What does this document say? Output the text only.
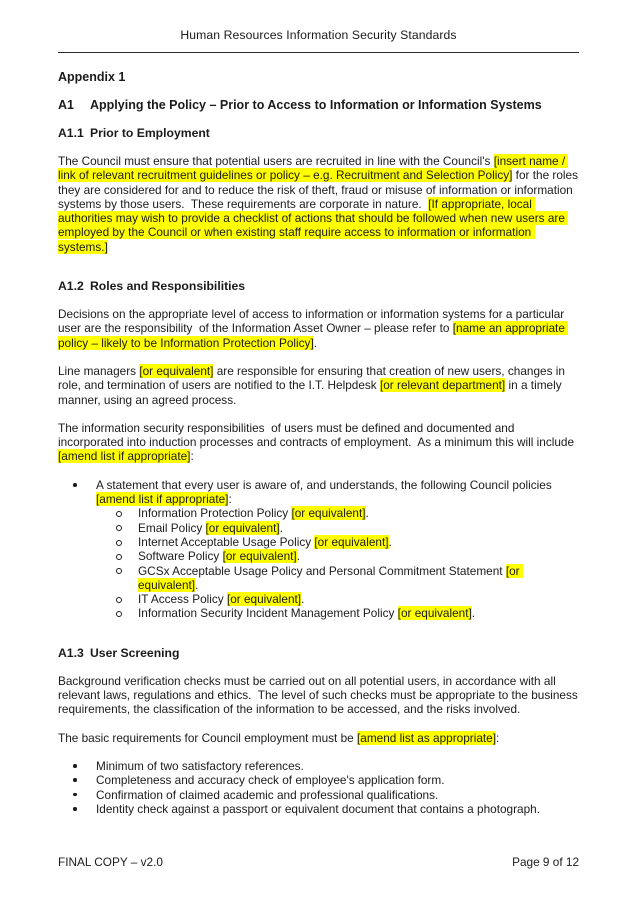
Human Resources Information Security Standards
Appendix 1
A1	Applying the Policy – Prior to Access to Information or Information Systems
A1.1 Prior to Employment

The Council must ensure that potential users are recruited in line with the Council's [insert name / link of relevant recruitment guidelines or policy – e.g. Recruitment and Selection Policy] for the roles they are considered for and to reduce the risk of theft, fraud or misuse of information or information systems by those users.  These requirements are corporate in nature.  [If appropriate, local authorities may wish to provide a checklist of actions that should be followed when new users are employed by the Council or when existing staff require access to information or information systems.]

A1.2 Roles and Responsibilities

Decisions on the appropriate level of access to information or information systems for a particular user are the responsibility  of the Information Asset Owner – please refer to [name an appropriate policy – likely to be Information Protection Policy].

Line managers [or equivalent] are responsible for ensuring that creation of new users, changes in role, and termination of users are notified to the I.T. Helpdesk [or relevant department] in a timely manner, using an agreed process.

The information security responsibilities  of users must be defined and documented and incorporated into induction processes and contracts of employment.  As a minimum this will include [amend list if appropriate]:

A statement that every user is aware of, and understands, the following Council policies [amend list if appropriate]:
Information Protection Policy [or equivalent].
Email Policy [or equivalent].
Internet Acceptable Usage Policy [or equivalent].
Software Policy [or equivalent].
GCSx Acceptable Usage Policy and Personal Commitment Statement [or equivalent].
IT Access Policy [or equivalent].
Information Security Incident Management Policy [or equivalent].
A1.3 User Screening

Background verification checks must be carried out on all potential users, in accordance with all relevant laws, regulations and ethics.  The level of such checks must be appropriate to the business requirements, the classification of the information to be accessed, and the risks involved.

The basic requirements for Council employment must be [amend list as appropriate]:

Minimum of two satisfactory references.
Completeness and accuracy check of employee's application form.
Confirmation of claimed academic and professional qualifications.
Identity check against a passport or equivalent document that contains a photograph.
FINAL COPY – v2.0	Page 9 of 12
